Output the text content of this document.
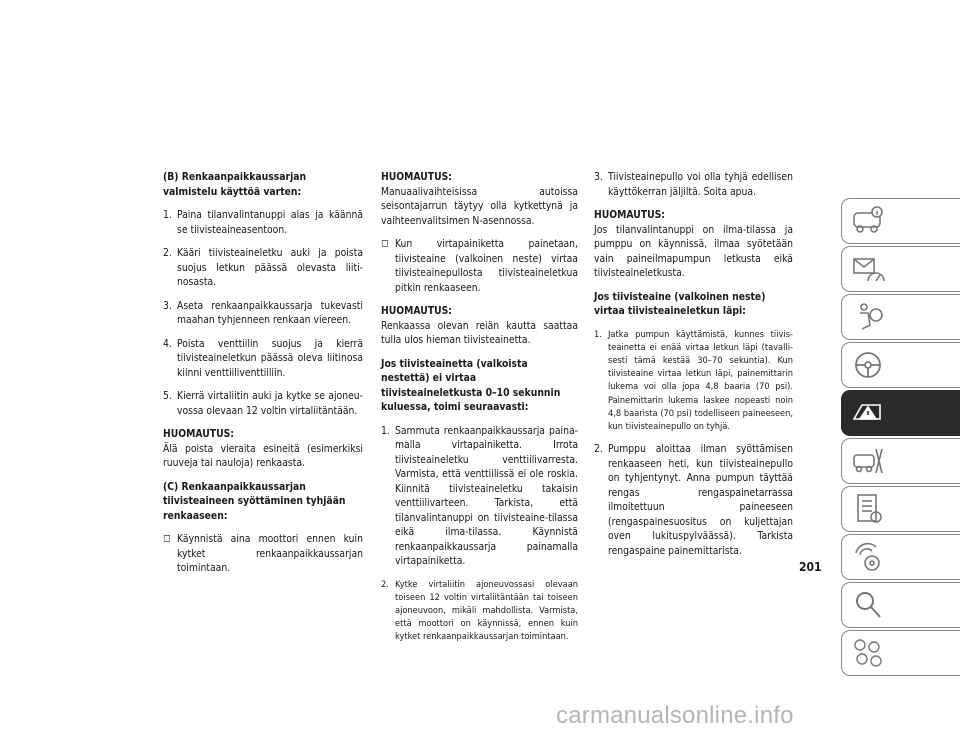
(B) Renkaanpaikkaussarjan valmistelu käyttöä varten:
1. Paina tilanvalintanuppi alas ja käännä se tiivisteaineasentoon.
2. Kääri tiivisteaineletku auki ja poista suojus letkun päässä olevasta liitinosasta.
3. Aseta renkaanpaikkaussarja tukevasti maahan tyhjenneen renkaan viereen.
4. Poista venttiilin suojus ja kierrä tiivisteaineletkun päässä oleva liitinosa kiinni venttiiliventtiiliin.
5. Kierrä virtaliitin auki ja kytke se ajoneuvossa olevaan 12 voltin virtaliitäntään.
HUOMAUTUS:
Älä poista vieraita esineitä (esimerkiksi ruuveja tai nauloja) renkaasta.
(C) Renkaanpaikkaussarjan tiivisteaineen syöttäminen tyhjään renkaaseen:
◻ Käynnistä aina moottori ennen kuin kytket renkaanpaikkaussarjan toimintaan.
HUOMAUTUS:
Manuaalivaihteisissa autoissa seisontajarrun täytyy olla kytkettynä ja vaihteenvalitsimen N-asennossa.
◻ Kun virtapainiketta painetaan, tiivisteaine (valkoinen neste) virtaa tiivisteainepullosta tiivisteaineletkua pitkin renkaaseen.
HUOMAUTUS:
Renkaassa olevan reiän kautta saattaa tulla ulos hieman tiivisteainetta.
Jos tiivisteainetta (valkoista nestettä) ei virtaa tiivisteaineletkusta 0–10 sekunnin kuluessa, toimi seuraavasti:
1. Sammuta renkaanpaikkaussarja painamalla virtapainiketta. Irrota tiivisteaineletku venttiilivarresta. Varmista, että venttiilissä ei ole roskia. Kiinnitä tiivisteaineletku takaisin venttiilivarteen. Tarkista, että tilanvalintanuppi on tiivisteaine-tilassa eikä ilma-tilassa. Käynnistä renkaanpaikkaussarja painamalla virtapainiketta.
2. Kytke virtaliitin ajoneuvossasi olevaan toiseen 12 voltin virtaliitäntään tai toiseen ajoneuvoon, mikäli mahdollista. Varmista, että moottori on käynnissä, ennen kuin kytket renkaanpaikkaussarjan toimintaan.
3. Tiivisteainepullo voi olla tyhjä edellisen käyttökerran jäljiltä. Soita apua.
HUOMAUTUS:
Jos tilanvalintanuppi on ilma-tilassa ja pumppu on käynnissä, ilmaa syötetään vain paineilmapumpun letkusta eikä tiivisteaineletkusta.
Jos tiivisteaine (valkoinen neste) virtaa tiivisteaineletkun läpi:
1. Jatka pumpun käyttämistä, kunnes tiivisteainetta ei enää virtaa letkun läpi (tavallisesti tämä kestää 30–70 sekuntia). Kun tiivisteaine virtaa letkun läpi, painemittarin lukema voi olla jopa 4,8 baaria (70 psi). Painemittarin lukema laskee nopeasti noin 4,8 baarista (70 psi) todelliseen paineeseen, kun tiivisteainepullo on tyhjä.
2. Pumppu aloittaa ilman syöttämisen renkaaseen heti, kun tiivisteainepullo on tyhjentynyt. Anna pumpun täyttää rengas rengaspainetarrassa ilmoitettuun paineeseen (rengaspainesuositus on kuljettajan oven lukituspylväässä). Tarkista rengaspaine painemittarista.
201
carmanualsonline.info
